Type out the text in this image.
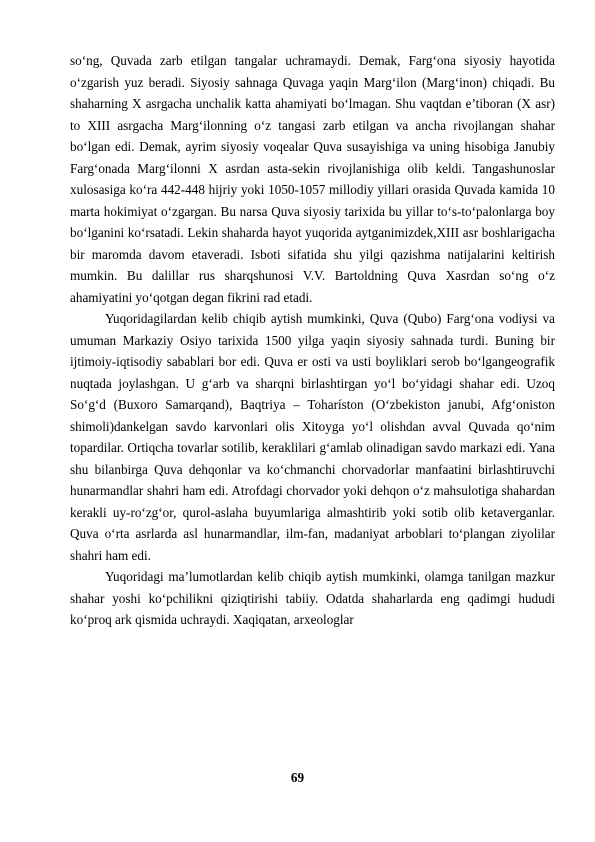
so‘ng, Quvada zarb etilgan tangalar uchramaydi. Demak, Farg‘ona siyosiy hayotida o‘zgarish yuz beradi. Siyosiy sahnaga Quvaga yaqin Marg‘ilon (Marg‘inon) chiqadi. Bu shaharning X asrgacha unchalik katta ahamiyati bo‘lmagan. Shu vaqtdan e’tiboran (X asr) to XIII asrgacha Marg‘ilonning o‘z tangasi zarb etilgan va ancha rivojlangan shahar bo‘lgan edi. Demak, ayrim siyosiy voqealar Quva susayishiga va uning hisobiga Janubiy Farg‘onada Marg‘ilonni X asrdan asta-sekin rivojlanishiga olib keldi. Tangashunoslar xulosasiga ko‘ra 442-448 hijriy yoki 1050-1057 millodiy yillari orasida Quvada kamida 10 marta hokimiyat o‘zgargan. Bu narsa Quva siyosiy tarixida bu yillar to‘s-to‘palonlarga boy bo‘lganini ko‘rsatadi. Lekin shaharda hayot yuqorida aytganimizdek,XIII asr boshlarigacha bir maromda davom etaveradi. Isboti sifatida shu yilgi qazishma natijalarini keltirish mumkin. Bu dalillar rus sharqshunosi V.V. Bartoldning Quva Xasrdan so‘ng o‘z ahamiyatini yo‘qotgan degan fikrini rad etadi.

Yuqoridagilardan kelib chiqib aytish mumkinki, Quva (Qubo) Farg‘ona vodiysi va umuman Markaziy Osiyo tarixida 1500 yilga yaqin siyosiy sahnada turdi. Buning bir ijtimoiy-iqtisodiy sabablari bor edi. Quva er osti va usti boyliklari serob bo‘lgangeografik nuqtada joylashgan. U g‘arb va sharqni birlashtirgan yo‘l bo‘yidagi shahar edi. Uzoq So‘g‘d (Buxoro Samarqand), Baqtriya – Toharíston (O‘zbekiston janubi, Afg‘oniston shimoli)dankelgan savdo karvonlari olis Xitoyga yo‘l olishdan avval Quvada qo‘nim topardilar. Ortiqcha tovarlar sotilib, keraklilari g‘amlab olinadigan savdo markazi edi. Yana shu bilanbirga Quva dehqonlar va ko‘chmanchi chorvadorlar manfaatini birlashtiruvchi hunarmandlar shahri ham edi. Atrofdagi chorvador yoki dehqon o‘z mahsulotiga shahardan kerakli uy-ro‘zg‘or, qurol-aslaha buyumlariga almashtirib yoki sotib olib ketaverganlar. Quva o‘rta asrlarda asl hunarmandlar, ilm-fan, madaniyat arboblari to‘plangan ziyolilar shahri ham edi.

Yuqoridagi ma’lumotlardan kelib chiqib aytish mumkinki, olamga tanilgan mazkur shahar yoshi ko‘pchilikni qiziqtirishi tabiiy. Odatda shaharlarda eng qadimgi hududi ko‘proq ark qismida uchraydi. Xaqiqatan, arxeologlar

69
